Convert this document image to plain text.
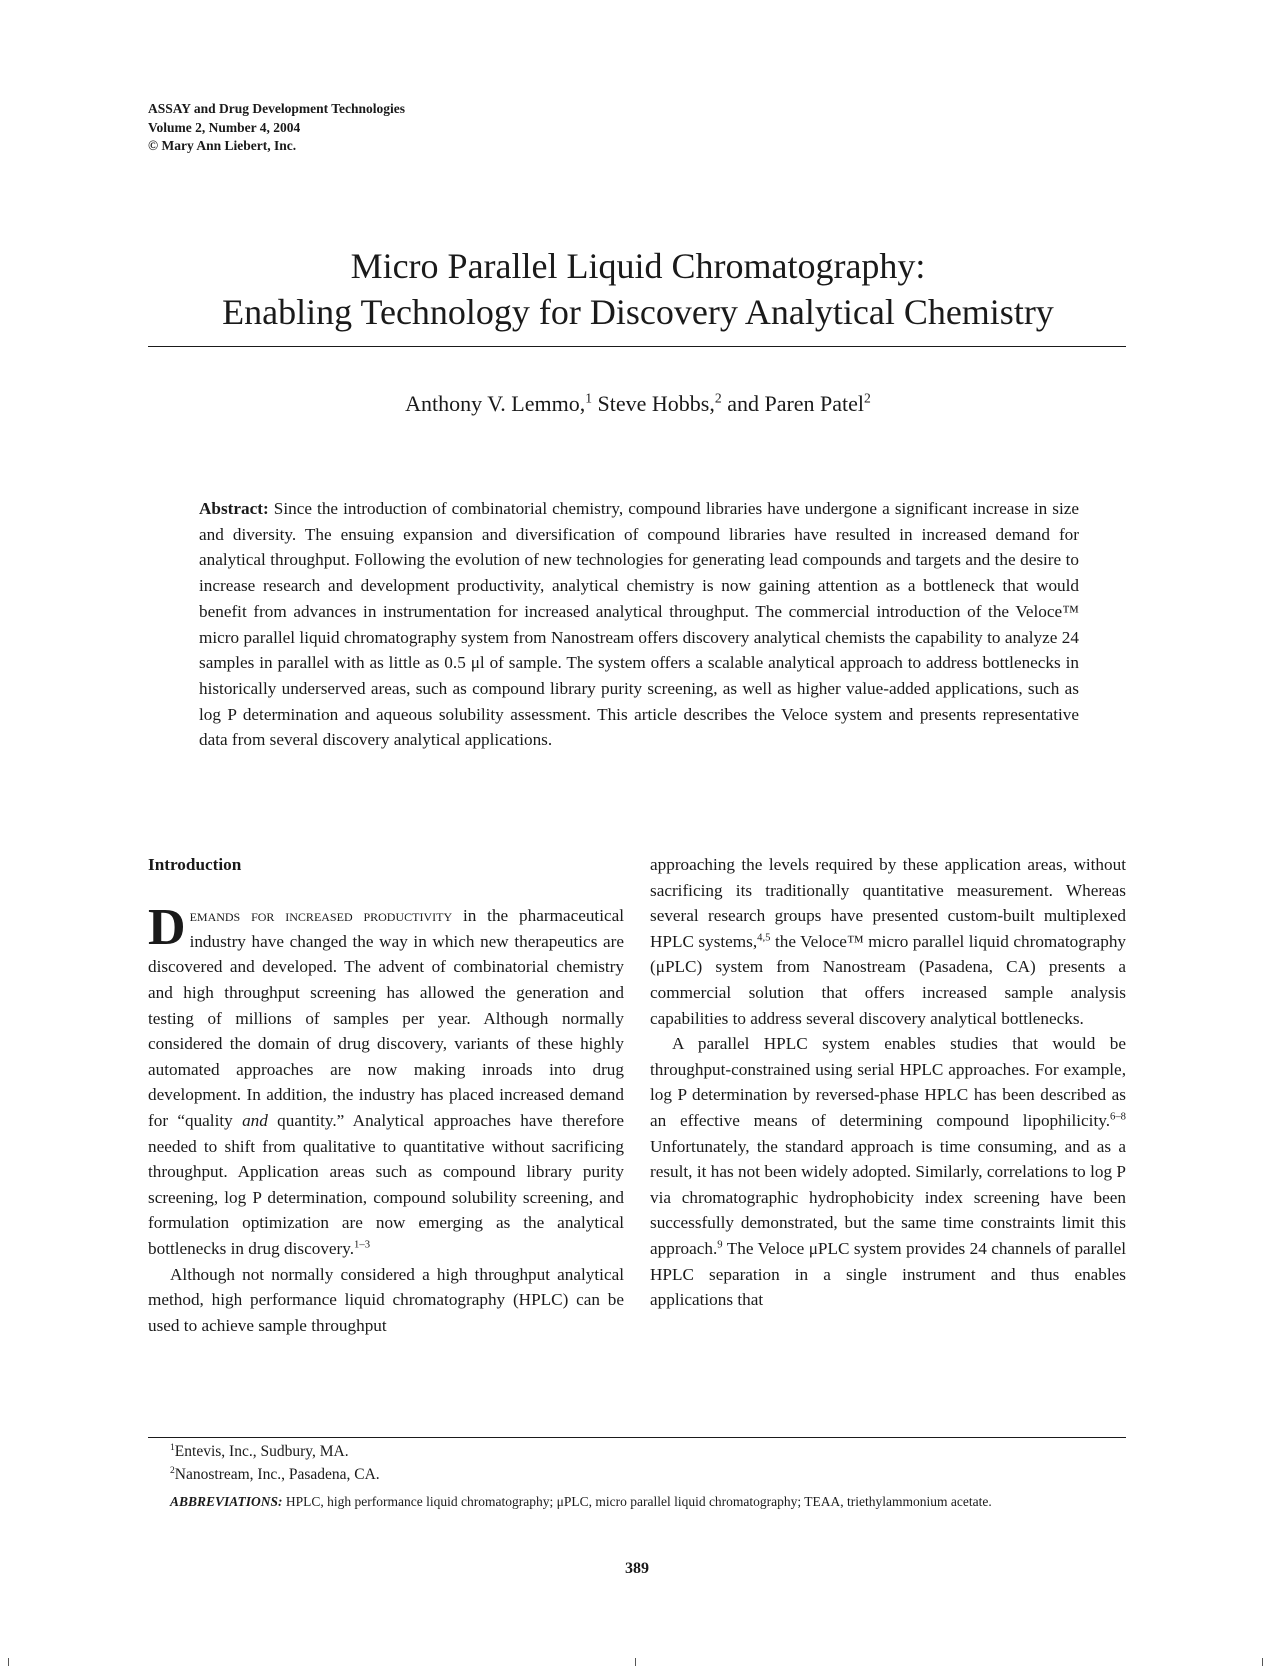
ASSAY and Drug Development Technologies
Volume 2, Number 4, 2004
© Mary Ann Liebert, Inc.
Micro Parallel Liquid Chromatography:
Enabling Technology for Discovery Analytical Chemistry
Anthony V. Lemmo,$^1$ Steve Hobbs,$^2$ and Paren Patel$^2$
Abstract: Since the introduction of combinatorial chemistry, compound libraries have undergone a significant increase in size and diversity. The ensuing expansion and diversification of compound libraries have resulted in increased demand for analytical throughput. Following the evolution of new technologies for generating lead compounds and targets and the desire to increase research and development productivity, analytical chemistry is now gaining attention as a bottleneck that would benefit from advances in instrumentation for increased analytical throughput. The commercial introduction of the Veloce™ micro parallel liquid chromatography system from Nanostream offers discovery analytical chemists the capability to analyze 24 samples in parallel with as little as 0.5 μl of sample. The system offers a scalable analytical approach to address bottlenecks in historically underserved areas, such as compound library purity screening, as well as higher value-added applications, such as log P determination and aqueous solubility assessment. This article describes the Veloce system and presents representative data from several discovery analytical applications.
Introduction

Demands for increased productivity in the pharmaceutical industry have changed the way in which new therapeutics are discovered and developed. The advent of combinatorial chemistry and high throughput screening has allowed the generation and testing of millions of samples per year. Although normally considered the domain of drug discovery, variants of these highly automated approaches are now making inroads into drug development. In addition, the industry has placed increased demand for “quality and quantity.” Analytical approaches have therefore needed to shift from qualitative to quantitative without sacrificing throughput. Application areas such as compound library purity screening, log P determination, compound solubility screening, and formulation optimization are now emerging as the analytical bottlenecks in drug discovery.$^{1-3}$

Although not normally considered a high throughput analytical method, high performance liquid chromatography (HPLC) can be used to achieve sample throughput

approaching the levels required by these application areas, without sacrificing its traditionally quantitative measurement. Whereas several research groups have presented custom-built multiplexed HPLC systems,$^{4,5}$ the Veloce™ micro parallel liquid chromatography (μPLC) system from Nanostream (Pasadena, CA) presents a commercial solution that offers increased sample analysis capabilities to address several discovery analytical bottlenecks.

A parallel HPLC system enables studies that would be throughput-constrained using serial HPLC approaches. For example, log P determination by reversed-phase HPLC has been described as an effective means of determining compound lipophilicity.$^{6-8}$ Unfortunately, the standard approach is time consuming, and as a result, it has not been widely adopted. Similarly, correlations to log P via chromatographic hydrophobicity index screening have been successfully demonstrated, but the same time constraints limit this approach.$^9$ The Veloce μPLC system provides 24 channels of parallel HPLC separation in a single instrument and thus enables applications that

$^1$Entevis, Inc., Sudbury, MA.
$^2$Nanostream, Inc., Pasadena, CA.
ABBREVIATIONS: HPLC, high performance liquid chromatography; μPLC, micro parallel liquid chromatography; TEAA, triethylammonium acetate.
389
